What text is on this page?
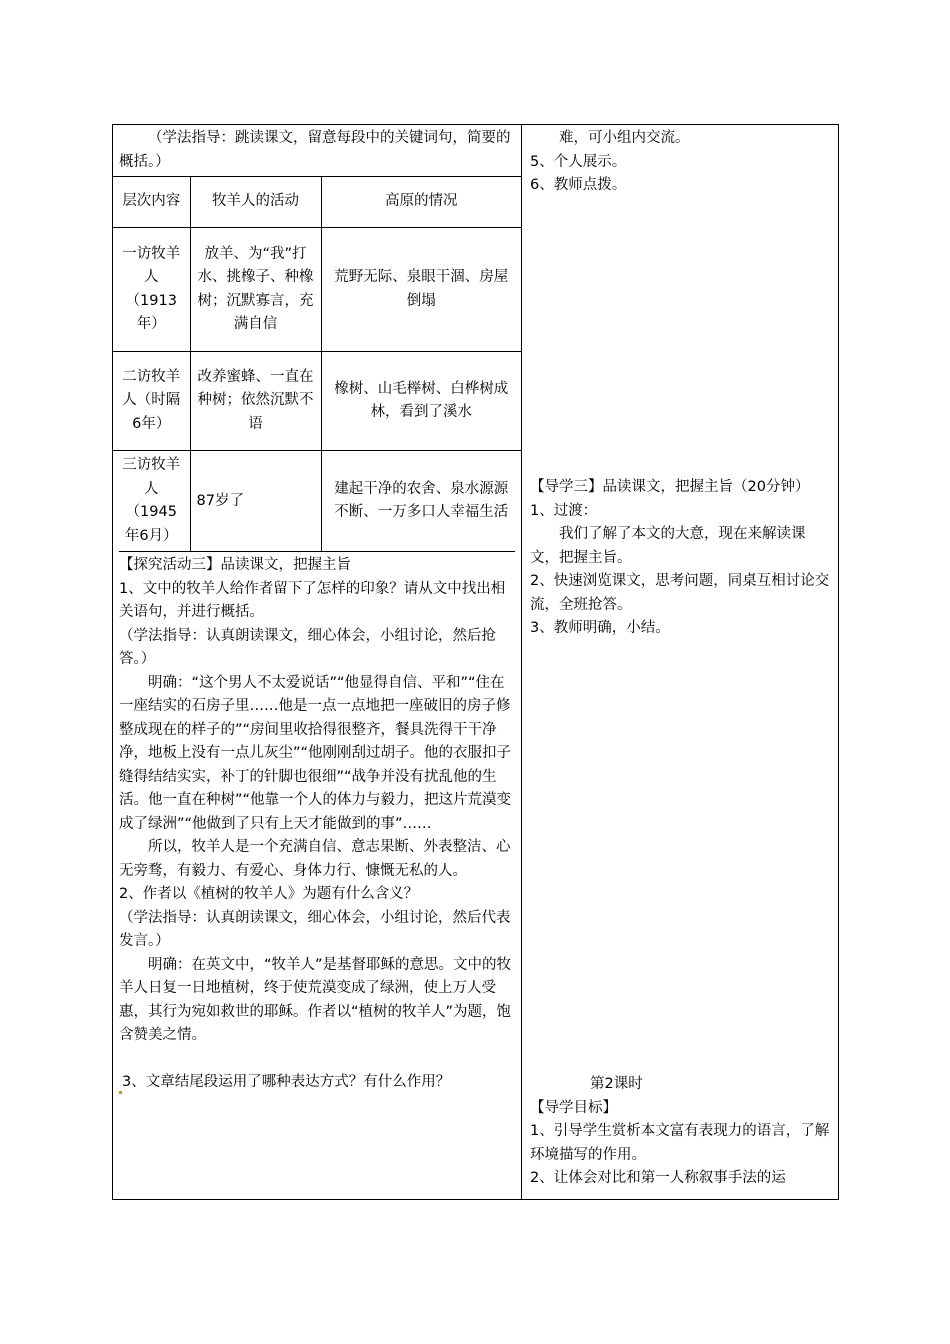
（学法指导：跳读课文，留意每段中的关键词句，简要的概括。）

层次内容	牧羊人的活动	高原的情况
一访牧羊人（1913年）	放羊、为“我”打水、挑橡子、种橡树；沉默寡言，充满自信	荒野无际、泉眼干涸、房屋倒塌
二访牧羊人（时隔6年）	改养蜜蜂、一直在种树；依然沉默不语	橡树、山毛榉树、白桦树成林，看到了溪水
三访牧羊人（1945年6月）	87岁了	建起干净的农舍、泉水源源不断、一万多口人幸福生活

【探究活动三】品读课文，把握主旨

1、文中的牧羊人给作者留下了怎样的印象？请从文中找出相关语句，并进行概括。

（学法指导：认真朗读课文，细心体会，小组讨论，然后抢答。）

明确：“这个男人不太爱说话”“他显得自信、平和”“住在一座结实的石房子里……他是一点一点地把一座破旧的房子修整成现在的样子的”“房间里收拾得很整齐，餐具洗得干干净净，地板上没有一点儿灰尘”“他刚刚刮过胡子。他的衣服扣子缝得结结实实，补丁的针脚也很细”“战争并没有扰乱他的生活。他一直在种树”“他靠一个人的体力与毅力，把这片荒漠变成了绿洲”“他做到了只有上天才能做到的事”……

所以，牧羊人是一个充满自信、意志果断、外表整洁、心无旁骛，有毅力、有爱心、身体力行、慷慨无私的人。

2、作者以《植树的牧羊人》为题有什么含义？

（学法指导：认真朗读课文，细心体会，小组讨论，然后代表发言。）

明确：在英文中，“牧羊人”是基督耶稣的意思。文中的牧羊人日复一日地植树，终于使荒漠变成了绿洲，使上万人受惠，其行为宛如救世的耶稣。作者以“植树的牧羊人”为题，饱含赞美之情。

3、文章结尾段运用了哪种表达方式？有什么作用？

难，可小组内交流。

5、个人展示。

6、教师点拨。

【导学三】品读课文，把握主旨（20分钟）

1、过渡：

我们了解了本文的大意，现在来解读课文，把握主旨。

2、快速浏览课文，思考问题，同桌互相讨论交流，全班抢答。

3、教师明确，小结。

第2课时

【导学目标】

1、引导学生赏析本文富有表现力的语言，了解环境描写的作用。

2、让体会对比和第一人称叙事手法的运
